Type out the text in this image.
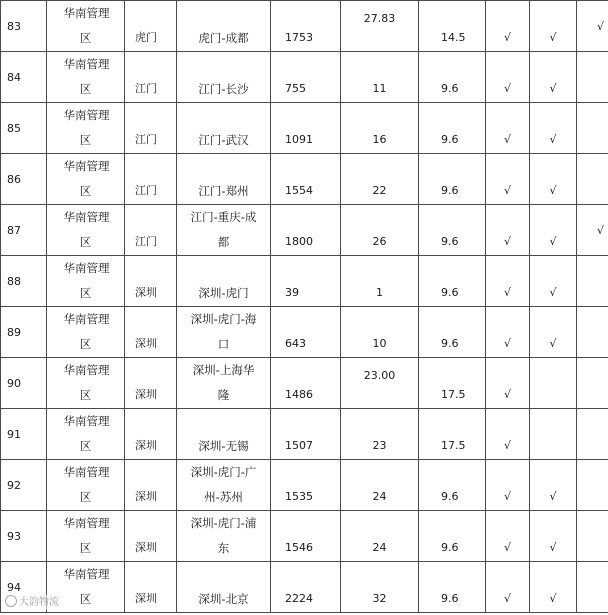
83	华南管理
区	虎门	虎门-成都	1753	27.83	14.5	√	√	√

84	华南管理
区	江门	江门-长沙	755	11	9.6	√	√	

85	华南管理
区	江门	江门-武汉	1091	16	9.6	√	√	

86	华南管理
区	江门	江门-郑州	1554	22	9.6	√	√	

87	华南管理
区	江门	江门-重庆-成
都	1800	26	9.6	√	√	√

88	华南管理
区	深圳	深圳-虎门	39	1	9.6	√	√	

89	华南管理
区	深圳	深圳-虎门-海
口	643	10	9.6	√	√	

90	华南管理
区	深圳	深圳-上海华
隆	1486	23.00	17.5	√		

91	华南管理
区	深圳	深圳-无锡	1507	23	17.5	√		

92	华南管理
区	深圳	深圳-虎门-广
州-苏州	1535	24	9.6	√	√	

93	华南管理
区	深圳	深圳-虎门-浦
东	1546	24	9.6	√	√	

94	华南管理
区	深圳	深圳-北京	2224	32	9.6	√	√	

大韵物流
